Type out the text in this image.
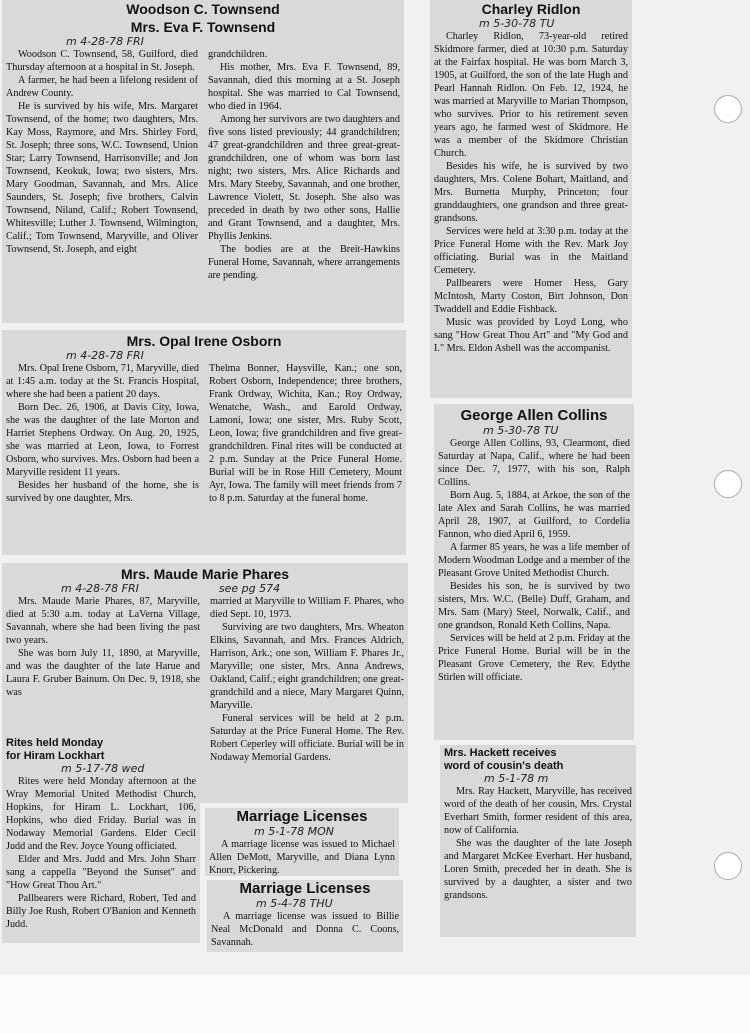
Woodson C. Townsend
Mrs. Eva F. Townsend
m 4-28-78 FRI

Woodson C. Townsend, 58, Guilford, died Thursday afternoon at a hospital in St. Joseph.

A farmer, he had been a lifelong resident of Andrew County.

He is survived by his wife, Mrs. Margaret Townsend, of the home; two daughters, Mrs. Kay Moss, Raymore, and Mrs. Shirley Ford, St. Joseph; three sons, W.C. Townsend, Union Star; Larry Townsend, Harrisonville; and Jon Townsend, Keokuk, Iowa; two sisters, Mrs. Mary Goodman, Savannah, and Mrs. Alice Saunders, St. Joseph; five brothers, Calvin Townsend, Niland, Calif.; Robert Townsend, Whitesville; Luther J. Townsend, Wilmington, Calif.; Tom Townsend, Maryville, and Oliver Townsend, St. Joseph, and eight

grandchildren.

His mother, Mrs. Eva F. Townsend, 89, Savannah, died this morning at a St. Joseph hospital. She was married to Cal Townsend, who died in 1964.

Among her survivors are two daughters and five sons listed previously; 44 grandchildren; 47 great-grandchildren and three great-great-grandchildren, one of whom was born last night; two sisters, Mrs. Alice Richards and Mrs. Mary Steeby, Savannah, and one brother, Lawrence Violett, St. Joseph. She also was preceded in death by two other sons, Hallie and Grant Townsend, and a daughter, Mrs. Phyllis Jenkins.

The bodies are at the Breit-Hawkins Funeral Home, Savannah, where arrangements are pending.

Mrs. Opal Irene Osborn
m 4-28-78 FRI

Mrs. Opal Irene Osborn, 71, Maryville, died at 1:45 a.m. today at the St. Francis Hospital, where she had been a patient 20 days.

Born Dec. 26, 1906, at Davis City, Iowa, she was the daughter of the late Morton and Harriet Stephens Ordway. On Aug. 20, 1925, she was married at Leon, Iowa, to Forrest Osborn, who survives. Mrs. Osborn had been a Maryville resident 11 years.

Besides her husband of the home, she is survived by one daughter, Mrs.

Thelma Bonner, Haysville, Kan.; one son, Robert Osborn, Independence; three brothers, Frank Ordway, Wichita, Kan.; Roy Ordway, Wenatche, Wash., and Earold Ordway, Lamoni, Iowa; one sister, Mrs. Ruby Scott, Leon, Iowa; five grandchildren and five great-grandchildren. Final rites will be conducted at 2 p.m. Sunday at the Price Funeral Home. Burial will be in Rose Hill Cemetery, Mount Ayr, Iowa. The family will meet friends from 7 to 8 p.m. Saturday at the funeral home.

Mrs. Maude Marie Phares
m 4-28-78 FRI	see pg 574

Mrs. Maude Marie Phares, 87, Maryville, died at 5:30 a.m. today at LaVerna Village, Savannah, where she had been living the past two years.

She was born July 11, 1890, at Maryville, and was the daughter of the late Harue and Laura F. Gruber Bainum. On Dec. 9, 1918, she was

married at Maryville to William F. Phares, who died Sept. 10, 1973.

Surviving are two daughters, Mrs. Wheaton Elkins, Savannah, and Mrs. Frances Aldrich, Harrison, Ark.; one son, William F. Phares Jr., Maryville; one sister, Mrs. Anna Andrews, Oakland, Calif.; eight grandchildren; one great-grandchild and a niece, Mary Margaret Quinn, Maryville.

Funeral services will be held at 2 p.m. Saturday at the Price Funeral Home. The Rev. Robert Ceperley will officiate. Burial will be in Nodaway Memorial Gardens.

Rites held Monday
for Hiram Lockhart
m 5-17-78 wed

Rites were held Monday afternoon at the Wray Memorial United Methodist Church, Hopkins, for Hiram L. Lockhart, 106, Hopkins, who died Friday. Burial was in Nodaway Memorial Gardens. Elder Cecil Judd and the Rev. Joyce Young officiated.

Elder and Mrs. Judd and Mrs. John Sharr sang a cappella "Beyond the Sunset" and "How Great Thou Art."

Pallbearers were Richard, Robert, Ted and Billy Joe Rush, Robert O'Banion and Kenneth Judd.

Marriage Licenses
m 5-1-78 MON

A marriage license was issued to Michael Allen DeMott, Maryville, and Diana Lynn Knorr, Pickering.

Marriage Licenses
m 5-4-78 THU

A marriage license was issued to Billie Neal McDonald and Donna C. Coons, Savannah.

Charley Ridlon
m 5-30-78 TU

Charley Ridlon, 73-year-old retired Skidmore farmer, died at 10:30 p.m. Saturday at the Fairfax hospital. He was born March 3, 1905, at Guilford, the son of the late Hugh and Pearl Hannah Ridlon. On Feb. 12, 1924, he was married at Maryville to Marian Thompson, who survives. Prior to his retirement seven years ago, he farmed west of Skidmore. He was a member of the Skidmore Christian Church.

Besides his wife, he is survived by two daughters, Mrs. Colene Bohart, Maitland, and Mrs. Burnetta Murphy, Princeton; four granddaughters, one grandson and three great-grandsons.

Services were held at 3:30 p.m. today at the Price Funeral Home with the Rev. Mark Joy officiating. Burial was in the Maitland Cemetery.

Pallbearers were Homer Hess, Gary McIntosh, Marty Coston, Birt Johnson, Don Twaddell and Eddie Fishback.

Music was provided by Loyd Long, who sang "How Great Thou Art" and "My God and I." Mrs. Eldon Asbell was the accompanist.

George Allen Collins
m 5-30-78 TU

George Allen Collins, 93, Clearmont, died Saturday at Napa, Calif., where he had been since Dec. 7, 1977, with his son, Ralph Collins.

Born Aug. 5, 1884, at Arkoe, the son of the late Alex and Sarah Collins, he was married April 28, 1907, at Guilford, to Cordelia Fannon, who died April 6, 1959.

A farmer 85 years, he was a life member of Modern Woodman Lodge and a member of the Pleasant Grove United Methodist Church.

Besides his son, he is survived by two sisters, Mrs. W.C. (Belle) Duff, Graham, and Mrs. Sam (Mary) Steel, Norwalk, Calif., and one grandson, Ronald Keth Collins, Napa.

Services will be held at 2 p.m. Friday at the Price Funeral Home. Burial will be in the Pleasant Grove Cemetery, the Rev. Edythe Stirlen will officiate.

Mrs. Hackett receives
word of cousin's death
m 5-1-78 m

Mrs. Ray Hackett, Maryville, has received word of the death of her cousin, Mrs. Crystal Everhart Smith, former resident of this area, now of California.

She was the daughter of the late Joseph and Margaret McKee Everhart. Her husband, Loren Smith, preceded her in death. She is survived by a daughter, a sister and two grandsons.
